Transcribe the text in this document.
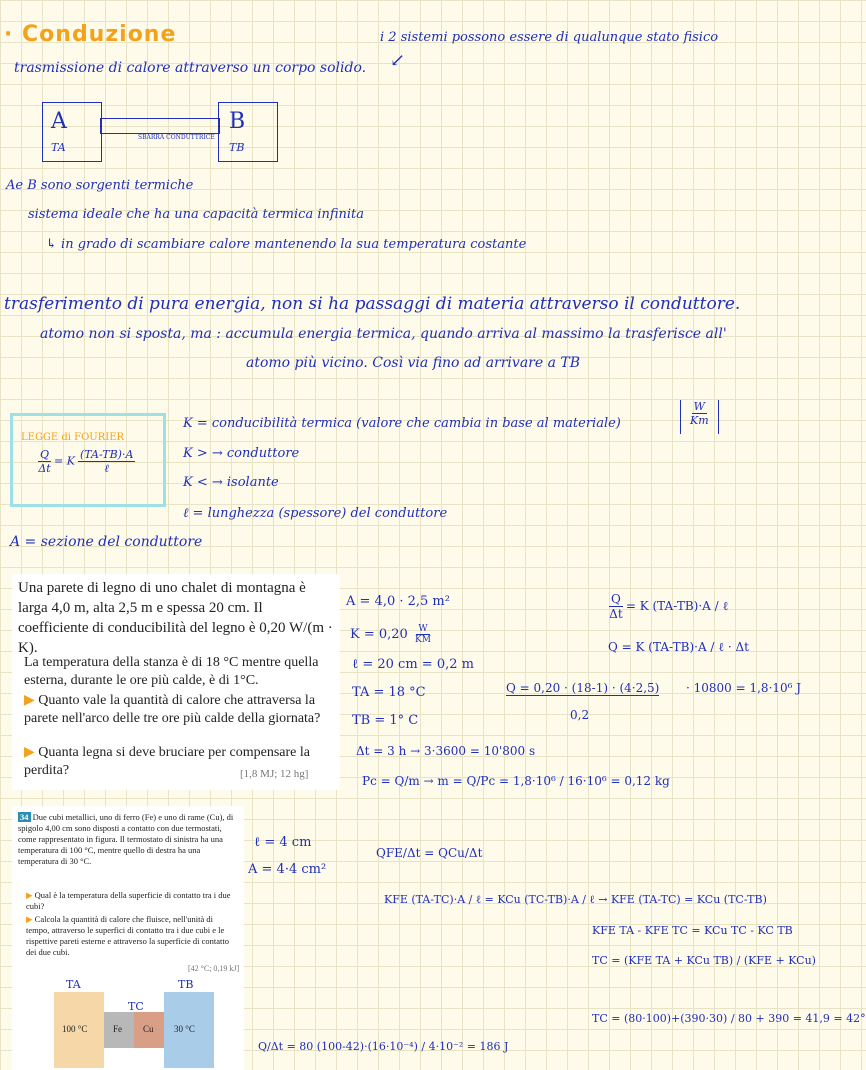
· Conduzione	i 2 sistemi possono essere di qualunque stato fisico
↙
trasmissione di calore attraverso un corpo solido.
A
TA
B
TB
SBARRA CONDUTTRICE
Ae B sono sorgenti termiche
sistema ideale che ha una capacità termica infinita
↳ in grado di scambiare calore mantenendo la sua temperatura costante
trasferimento di pura energia, non si ha passaggi di materia attraverso il conduttore.
atomo non si sposta, ma : accumula energia termica, quando arriva al massimo la trasferisce all'
atomo più vicino. Così via fino ad arrivare a TB
LEGGE di FOURIER
$\frac{Q}{\Delta t} = K \frac{(TA-TB)\cdot A}{\text{ℓ}}$
K = conducibilità termica (valore che cambia in base al materiale)	$\frac{W}{Km}$
K > → conduttore
K < → isolante
ℓ = lunghezza (spessore) del conduttore
A = sezione del conduttore
Una parete di legno di uno chalet di montagna è larga 4,0 m, alta 2,5 m e spessa 20 cm. Il coefficiente di conducibilità del legno è 0,20 W/(m · K).
La temperatura della stanza è di 18 °C mentre quella esterna, durante le ore più calde, è di 1°C.
▶ Quanto vale la quantità di calore che attraversa la parete nell'arco delle tre ore più calde della giornata?
▶ Quanta legna si deve bruciare per compensare la perdita?	[1,8 MJ; 12 hg]
A = 4,0 · 2,5 m²
$K = 0,20 \frac{W}{KM}$
ℓ = 20 cm = 0,2 m
TA = 18 °C
TB = 1° C
Δt = 3 h → 3·3600 = 10'800 s
Pc = Q/m → m = Q/Pc = 1,8·10⁶ / 16·10⁶ = 0,12 kg
$\frac{Q}{\Delta t} = K$ (TA-TB)·A / ℓ
Q = K (TA-TB)·A / ℓ · Δt
Q = 0,20 · (18-1) · (4·2,5) · 10800 = 1,8·10⁶ J
0,2
34 Due cubi metallici, uno di ferro (Fe) e uno di rame (Cu), di spigolo 4,00 cm sono disposti a contatto con due termostati, come rappresentato in figura. Il termostato di sinistra ha una temperatura di 100 °C, mentre quello di destra ha una temperatura di 30 °C.
▶ Qual è la temperatura della superficie di contatto tra i due cubi?
▶ Calcola la quantità di calore che fluisce, nell'unità di tempo, attraverso le superfici di contatto tra i due cubi e le rispettive pareti esterne e attraverso la superficie di contatto dei due cubi.
[42 °C; 0,19 kJ]
100 °C	Fe Cu 30 °C
TA
TC
TB
ℓ = 4 cm
A = 4·4 cm²
QFE/Δt = QCu/Δt
KFE (TA-TC)·A / ℓ = KCu (TC-TB)·A / ℓ → KFE (TA-TC) = KCu (TC-TB)
KFE TA - KFE TC = KCu TC - KC TB
TC = (KFE TA + KCu TB) / (KFE + KCu)
TC = (80·100)+(390·30) / 80 + 390 = 41,9 = 42°
Q/Δt = 80 (100-42)·(16·10⁻⁴) / 4·10⁻² = 186 J
